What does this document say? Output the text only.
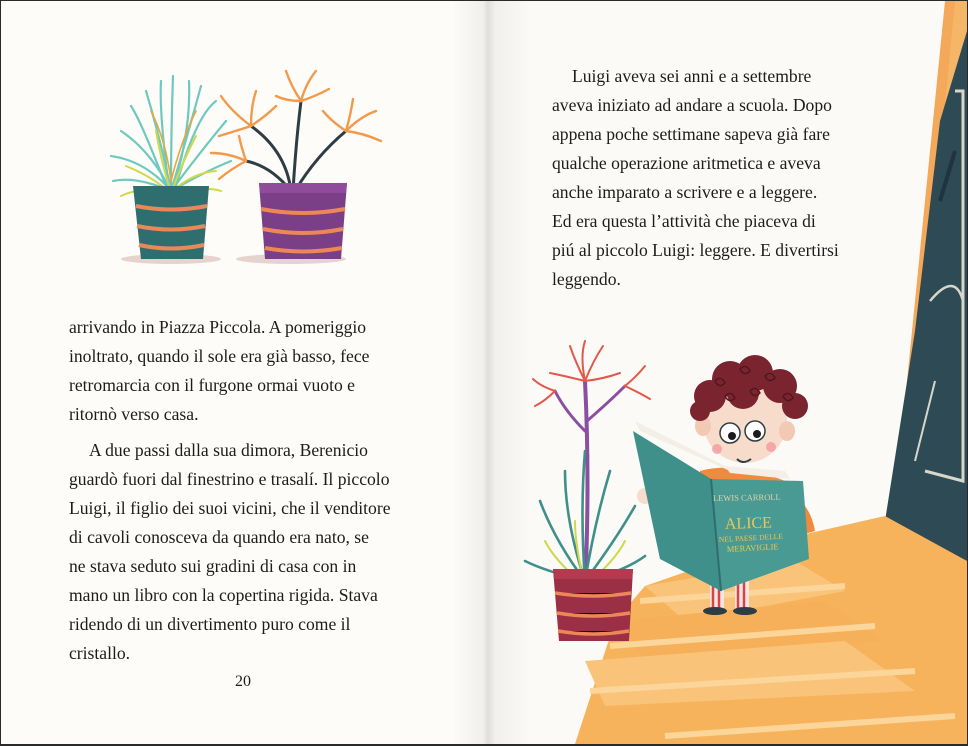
arrivando in Piazza Piccola. A pomeriggio
inoltrato, quando il sole era già basso, fece
retromarcia con il furgone ormai vuoto e
ritornò verso casa.

A due passi dalla sua dimora, Berenicio
guardò fuori dal finestrino e trasalí. Il piccolo
Luigi, il figlio dei suoi vicini, che il venditore
di cavoli conosceva da quando era nato, se
ne stava seduto sui gradini di casa con in
mano un libro con la copertina rigida. Stava
ridendo di un divertimento puro come il
cristallo.

20
LEWIS CARROLL
ALICE
NEL PAESE DELLE
MERAVIGLIE

Luigi aveva sei anni e a settembre
aveva iniziato ad andare a scuola. Dopo
appena poche settimane sapeva già fare
qualche operazione aritmetica e aveva
anche imparato a scrivere e a leggere.
Ed era questa l’attività che piaceva di
piú al piccolo Luigi: leggere. E divertirsi
leggendo.
